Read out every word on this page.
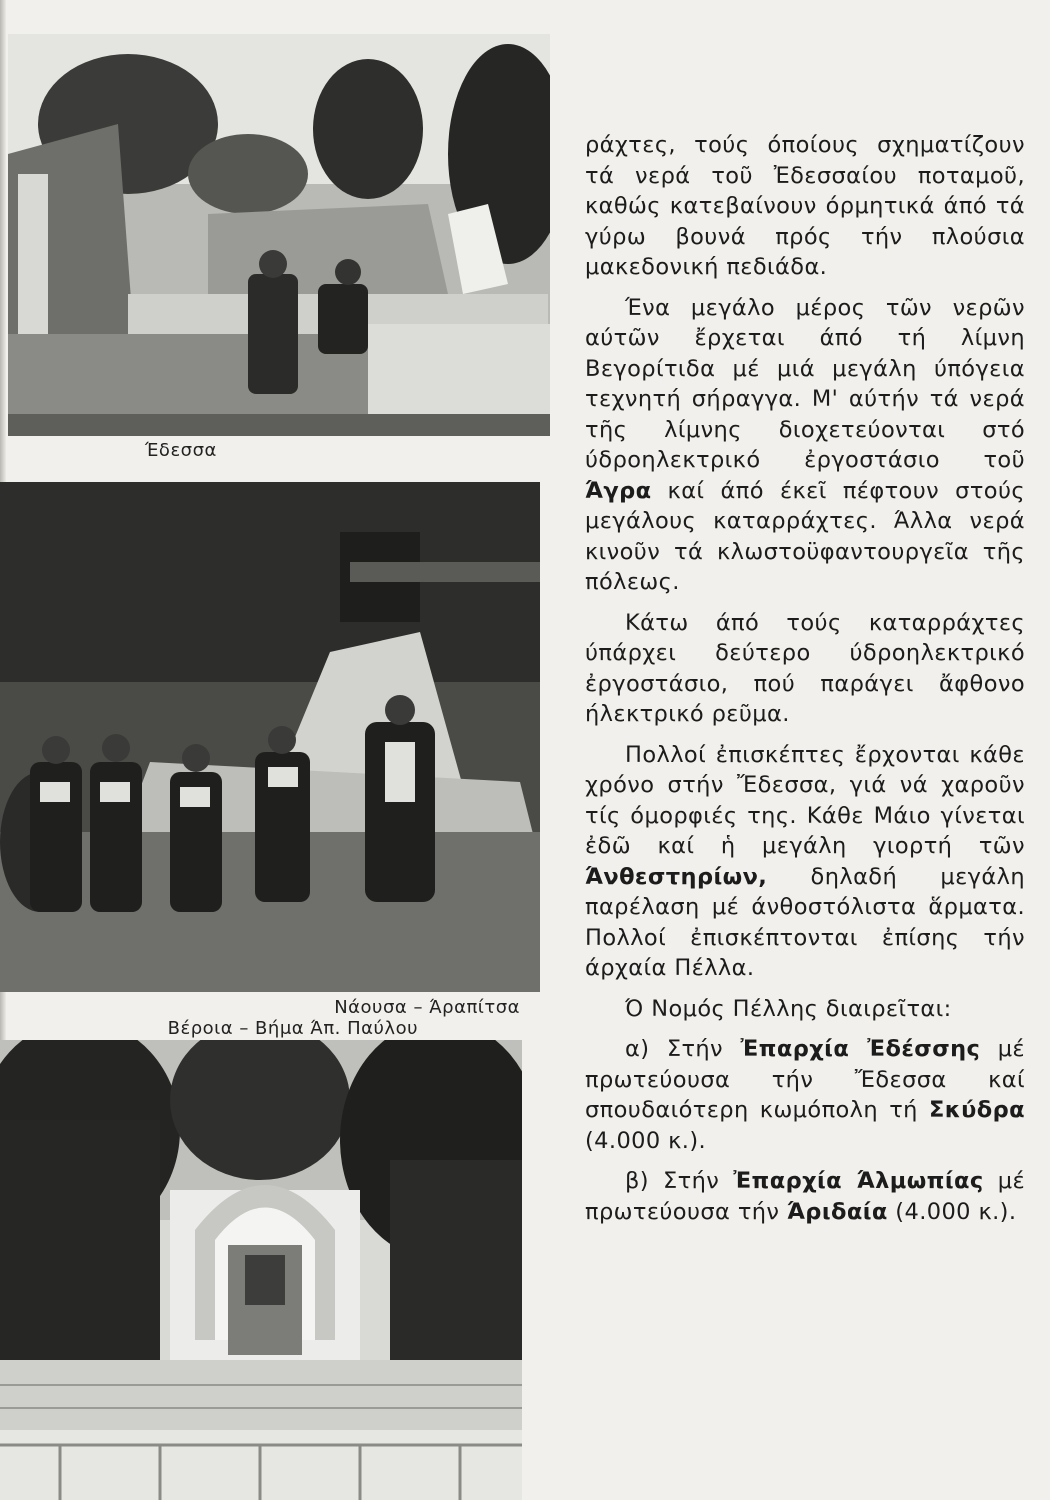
Έδεσσα
Νάουσα – Άραπίτσα
Βέροια – Βήμα Άπ. Παύλου

ράχτες, τούς όποίους σχηματίζουν τά νερά τοῦ Ἐδεσσαίου ποταμοῦ, καθώς κατεβαίνουν όρμητικά άπό τά γύρω βουνά πρός τήν πλούσια μακεδονική πεδιάδα.

Ένα μεγάλο μέρος τῶν νερῶν αύτῶν ἔρχεται άπό τή λίμνη Βεγορίτιδα μέ μιά μεγάλη ύπόγεια τεχνητή σήραγγα. Μ' αύτήν τά νερά τῆς λίμνης διοχετεύονται στό ύδροηλεκτρικό ἐργοστάσιο τοῦ Άγρα καί άπό έκεῖ πέφτουν στούς μεγάλους καταρράχτες. Άλλα νερά κινοῦν τά κλωστοϋφαντουργεῖα τῆς πόλεως.

Κάτω άπό τούς καταρράχτες ύπάρχει δεύτερο ύδροηλεκτρικό ἐργοστάσιο, πού παράγει ἄφθονο ήλεκτρικό ρεῦμα.

Πολλοί ἐπισκέπτες ἔρχονται κάθε χρόνο στήν Ἔδεσσα, γιά νά χαροῦν τίς όμορφιές της. Κάθε Μάιο γίνεται ἐδῶ καί ἡ μεγάλη γιορτή τῶν Άνθεστηρίων, δηλαδή μεγάλη παρέλαση μέ άνθοστόλιστα ἅρματα. Πολλοί ἐπισκέπτονται ἐπίσης τήν άρχαία Πέλλα.

Ό Νομός Πέλλης διαιρεῖται:

α) Στήν Ἐπαρχία Ἐδέσσης μέ πρωτεύουσα τήν Ἔδεσσα καί σπουδαιότερη κωμόπολη τή Σκύδρα (4.000 κ.).

β) Στήν Ἐπαρχία Άλμωπίας μέ πρωτεύουσα τήν Άριδαία (4.000 κ.).
